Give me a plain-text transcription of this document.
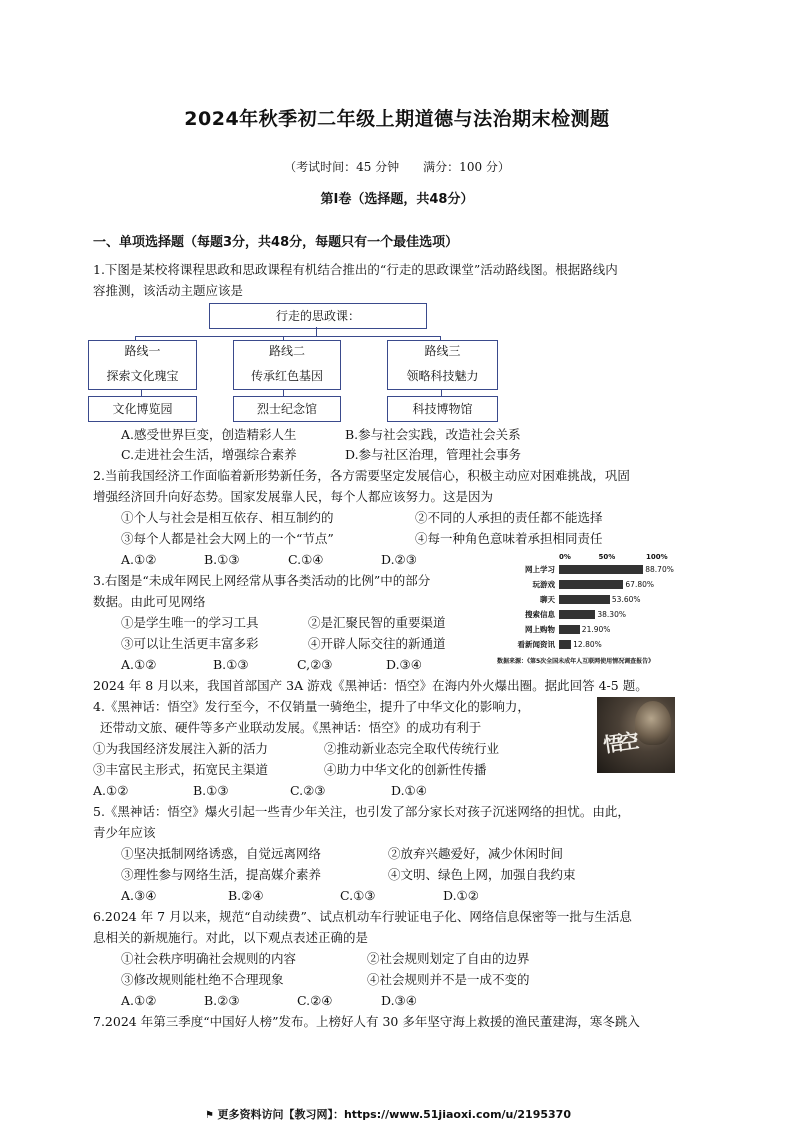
2024年秋季初二年级上期道德与法治期末检测题
（考试时间：45 分钟　　满分：100 分）
第Ⅰ卷（选择题，共48分）
一、单项选择题（每题3分，共48分，每题只有一个最佳选项）
1.下图是某校将课程思政和思政课程有机结合推出的“行走的思政课堂”活动路线图。根据路线内
容推测，该活动主题应该是
行走的思政课：
路线一
探索文化瑰宝
路线二
传承红色基因
路线三
领略科技魅力
文化博览园	烈士纪念馆	科技博物馆
A.感受世界巨变，创造精彩人生	B.参与社会实践，改造社会关系
C.走进社会生活，增强综合素养	D.参与社区治理，管理社会事务
2.当前我国经济工作面临着新形势新任务，各方需要坚定发展信心，积极主动应对困难挑战，巩固
增强经济回升向好态势。国家发展靠人民，每个人都应该努力。这是因为
①个人与社会是相互依存、相互制约的	②不同的人承担的责任都不能选择
③每个人都是社会大网上的一个“节点”	④每一种角色意味着承担相同责任
A.①②	B.①③	C.①④	D.②③
3.右图是“未成年网民上网经常从事各类活动的比例”中的部分
数据。由此可见网络
①是学生唯一的学习工具	②是汇聚民智的重要渠道
③可以让生活更丰富多彩	④开辟人际交往的新通道
A.①②	B.①③	C,②③	D.③④
0%	50%	100%
网上学习	88.70%
玩游戏	67.80%
聊天	53.60%
搜索信息	38.30%
网上购物	21.90%
看新闻资讯 12.80%
数据来源：《第5次全国未成年人互联网使用情况调查报告》
2024 年 8 月以来，我国首部国产 3A 游戏《黑神话：悟空》在海内外火爆出圈。据此回答 4-5 题。
4.《黑神话：悟空》发行至今，不仅销量一骑绝尘，提升了中华文化的影响力，
还带动文旅、硬件等多产业联动发展。《黑神话：悟空》的成功有利于
①为我国经济发展注入新的活力	②推动新业态完全取代传统行业
③丰富民主形式，拓宽民主渠道	④助力中华文化的创新性传播
A.①②	B.①③	C.②③	D.①④
悟空
5.《黑神话：悟空》爆火引起一些青少年关注，也引发了部分家长对孩子沉迷网络的担忧。由此，
青少年应该
①坚决抵制网络诱惑，自觉远离网络	②放弃兴趣爱好，减少休闲时间
③理性参与网络生活，提高媒介素养	④文明、绿色上网，加强自我约束
A.③④	B.②④	C.①③	D.①②
6.2024 年 7 月以来，规范“自动续费”、试点机动车行驶证电子化、网络信息保密等一批与生活息
息相关的新规施行。对此，以下观点表述正确的是
①社会秩序明确社会规则的内容	②社会规则划定了自由的边界
③修改规则能杜绝不合理现象	④社会规则并不是一成不变的
A.①②	B.②③	C.②④	D.③④
7.2024 年第三季度“中国好人榜”发布。上榜好人有 30 多年坚守海上救援的渔民董建海，寒冬跳入
⚑ 更多资料访问【教习网】：https://www.51jiaoxi.com/u/2195370
